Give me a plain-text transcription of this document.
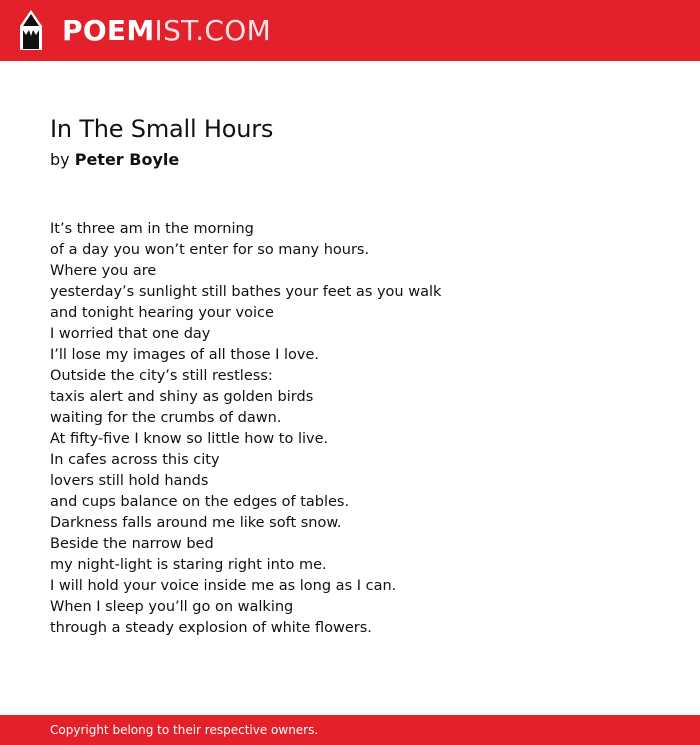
POEMIST.COM
In The Small Hours
by Peter Boyle
It’s three am in the morning
of a day you won’t enter for so many hours.
Where you are
yesterday’s sunlight still bathes your feet as you walk
and tonight hearing your voice
I worried that one day
I’ll lose my images of all those I love.
Outside the city’s still restless:
taxis alert and shiny as golden birds
waiting for the crumbs of dawn.
At fifty-five I know so little how to live.
In cafes across this city
lovers still hold hands
and cups balance on the edges of tables.
Darkness falls around me like soft snow.
Beside the narrow bed
my night-light is staring right into me.
I will hold your voice inside me as long as I can.
When I sleep you’ll go on walking
through a steady explosion of white flowers.
Copyright belong to their respective owners.
